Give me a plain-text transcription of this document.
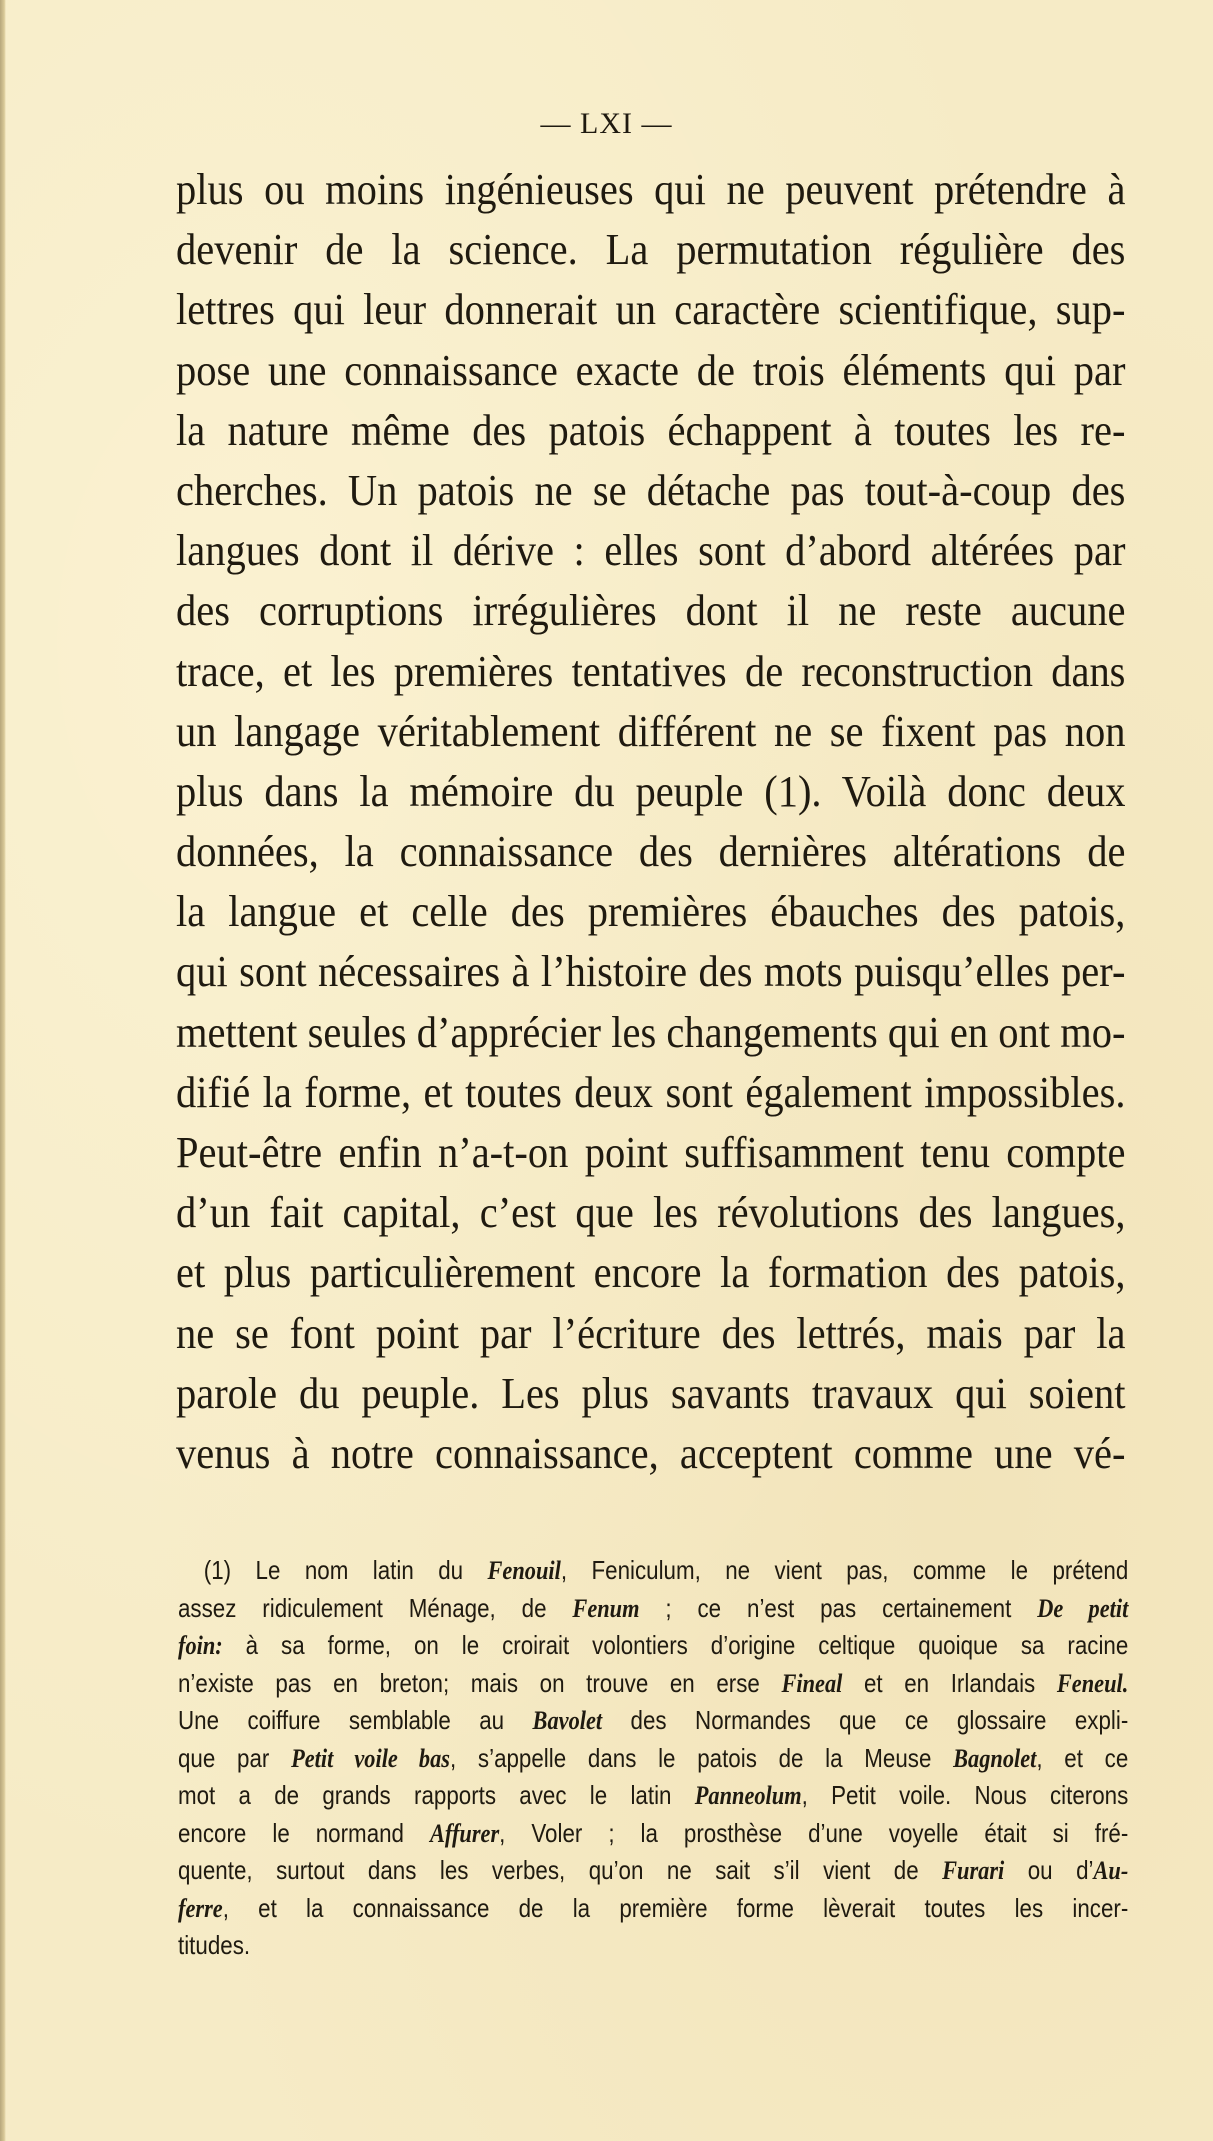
— LXI —
plus ou moins ingénieuses qui ne peuvent prétendre à
devenir de la science. La permutation régulière des
lettres qui leur donnerait un caractère scientifique, sup-
pose une connaissance exacte de trois éléments qui par
la nature même des patois échappent à toutes les re-
cherches. Un patois ne se détache pas tout-à-coup des
langues dont il dérive : elles sont d’abord altérées par
des corruptions irrégulières dont il ne reste aucune
trace, et les premières tentatives de reconstruction dans
un langage véritablement différent ne se fixent pas non
plus dans la mémoire du peuple (1). Voilà donc deux
données, la connaissance des dernières altérations de
la langue et celle des premières ébauches des patois,
qui sont nécessaires à l’histoire des mots puisqu’elles per-
mettent seules d’apprécier les changements qui en ont mo-
difié la forme, et toutes deux sont également impossibles.
Peut-être enfin n’a-t-on point suffisamment tenu compte
d’un fait capital, c’est que les révolutions des langues,
et plus particulièrement encore la formation des patois,
ne se font point par l’écriture des lettrés, mais par la
parole du peuple. Les plus savants travaux qui soient
venus à notre connaissance, acceptent comme une vé-
(1) Le nom latin du Fenouil, Feniculum, ne vient pas, comme le prétend
assez ridiculement Ménage, de Fenum ; ce n’est pas certainement De petit
foin: à sa forme, on le croirait volontiers d’origine celtique quoique sa racine
n’existe pas en breton; mais on trouve en erse Fineal et en Irlandais Feneul.
Une coiffure semblable au Bavolet des Normandes que ce glossaire expli-
que par Petit voile bas, s’appelle dans le patois de la Meuse Bagnolet, et ce
mot a de grands rapports avec le latin Panneolum, Petit voile. Nous citerons
encore le normand Affurer, Voler ; la prosthèse d’une voyelle était si fré-
quente, surtout dans les verbes, qu’on ne sait s’il vient de Furari ou d’Au-
ferre, et la connaissance de la première forme lèverait toutes les incer-
titudes.
